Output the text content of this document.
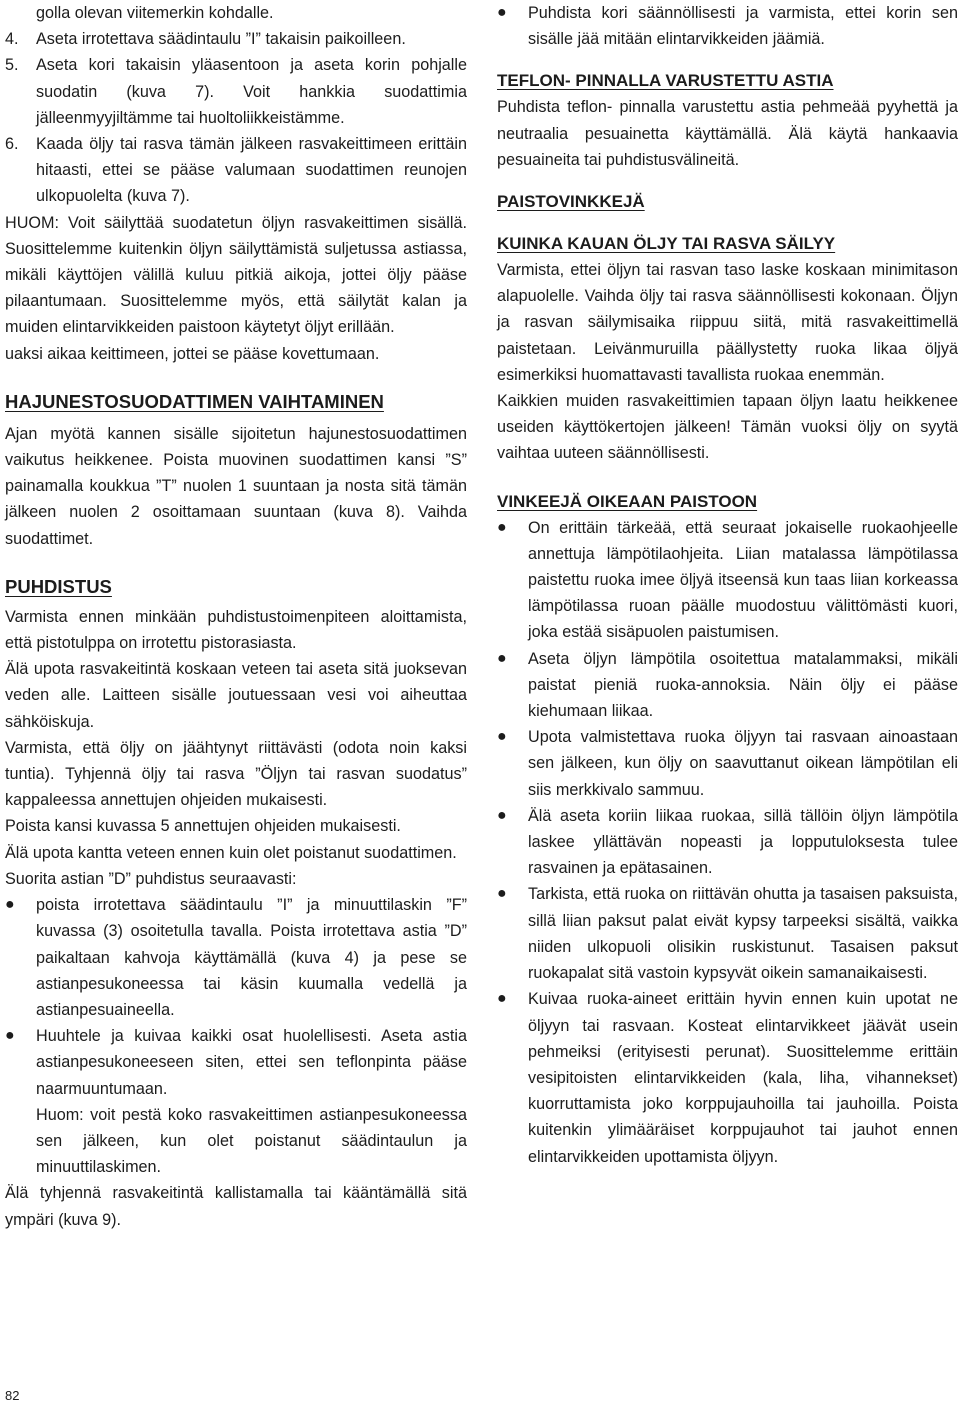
golla olevan viitemerkin kohdalle.

4. Aseta irrotettava säädintaulu ”I” takaisin paikoilleen.
5. Aseta kori takaisin yläasentoon ja aseta korin pohjalle suodatin (kuva 7). Voit hankkia suodattimia jälleenmyyjiltämme tai huoltoliikkeistämme.
6. Kaada öljy tai rasva tämän jälkeen rasvakeittimeen erittäin hitaasti, ettei se pääse valumaan suodattimen reunojen ulkopuolelta (kuva 7).

HUOM: Voit säilyttää suodatetun öljyn rasvakeittimen sisällä. Suosittelemme kuitenkin öljyn säilyttämistä suljetussa astiassa, mikäli käyttöjen välillä kuluu pitkiä aikoja, jottei öljy pääse pilaantumaan. Suosittelemme myös, että säilytät kalan ja muiden elintarvikkeiden paistoon käytetyt öljyt erillään.

uaksi aikaa keittimeen, jottei se pääse kovettumaan.

HAJUNESTOSUODATTIMEN VAIHTAMINEN

Ajan myötä kannen sisälle sijoitetun hajunestosuodattimen vaikutus heikkenee. Poista muovinen suodattimen kansi ”S” painamalla koukkua ”T” nuolen 1 suuntaan ja nosta sitä tämän jälkeen nuolen 2 osoittamaan suuntaan (kuva 8). Vaihda suodattimet.

PUHDISTUS

Varmista ennen minkään puhdistustoimenpiteen aloittamista, että pistotulppa on irrotettu pistorasiasta.

Älä upota rasvakeitintä koskaan veteen tai aseta sitä juoksevan veden alle. Laitteen sisälle joutuessaan vesi voi aiheuttaa sähköiskuja.

Varmista, että öljy on jäähtynyt riittävästi (odota noin kaksi tuntia). Tyhjennä öljy tai rasva ”Öljyn tai rasvan suodatus” kappaleessa annettujen ohjeiden mukaisesti.

Poista kansi kuvassa 5 annettujen ohjeiden mukaisesti.

Älä upota kantta veteen ennen kuin olet poistanut suodattimen.

Suorita astian ”D” puhdistus seuraavasti:

● poista irrotettava säädintaulu ”I” ja minuuttilaskin ”F” kuvassa (3) osoitetulla tavalla. Poista irrotettava astia ”D” paikaltaan kahvoja käyttämällä (kuva 4) ja pese se astianpesukoneessa tai käsin kuumalla vedellä ja astianpesuaineella.
● Huuhtele ja kuivaa kaikki osat huolellisesti. Aseta astia astianpesukoneeseen siten, ettei sen teflonpinta pääse naarmuuntumaan.

Huom: voit pestä koko rasvakeittimen astianpesukoneessa sen jälkeen, kun olet poistanut säädintaulun ja minuuttilaskimen.

Älä tyhjennä rasvakeitintä kallistamalla tai kääntämällä sitä ympäri (kuva 9).

● Puhdista kori säännöllisesti ja varmista, ettei korin sen sisälle jää mitään elintarvikkeiden jäämiä.
TEFLON- PINNALLA VARUSTETTU ASTIA

Puhdista teflon- pinnalla varustettu astia pehmeää pyyhettä ja neutraalia pesuainetta käyttämällä. Älä käytä hankaavia pesuaineita tai puhdistusvälineitä.

PAISTOVINKKEJÄ
KUINKA KAUAN ÖLJY TAI RASVA SÄILYY

Varmista, ettei öljyn tai rasvan taso laske koskaan minimitason alapuolelle. Vaihda öljy tai rasva säännöllisesti kokonaan. Öljyn ja rasvan säilymisaika riippuu siitä, mitä rasvakeittimellä paistetaan. Leivänmuruilla päällystetty ruoka likaa öljyä esimerkiksi huomattavasti tavallista ruokaa enemmän.

Kaikkien muiden rasvakeittimien tapaan öljyn laatu heikkenee useiden käyttökertojen jälkeen! Tämän vuoksi öljy on syytä vaihtaa uuteen säännöllisesti.

VINKEEJÄ OIKEAAN PAISTOON
● On erittäin tärkeää, että seuraat jokaiselle ruokaohjeelle annettuja lämpötilaohjeita. Liian matalassa lämpötilassa paistettu ruoka imee öljyä itseensä kun taas liian korkeassa lämpötilassa ruoan päälle muodostuu välittömästi kuori, joka estää sisäpuolen paistumisen.
● Aseta öljyn lämpötila osoitettua matalammaksi, mikäli paistat pieniä ruoka-annoksia. Näin öljy ei pääse kiehumaan liikaa.
● Upota valmistettava ruoka öljyyn tai rasvaan ainoastaan sen jälkeen, kun öljy on saavuttanut oikean lämpötilan eli siis merkkivalo sammuu.
● Älä aseta koriin liikaa ruokaa, sillä tällöin öljyn lämpötila laskee yllättävän nopeasti ja lopputuloksesta tulee rasvainen ja epätasainen.
● Tarkista, että ruoka on riittävän ohutta ja tasaisen paksuista, sillä liian paksut palat eivät kypsy tarpeeksi sisältä, vaikka niiden ulkopuoli olisikin ruskistunut. Tasaisen paksut ruokapalat sitä vastoin kypsyvät oikein samanaikaisesti.
● Kuivaa ruoka-aineet erittäin hyvin ennen kuin upotat ne öljyyn tai rasvaan. Kosteat elintarvikkeet jäävät usein pehmeiksi (erityisesti perunat). Suosittelemme erittäin vesipitoisten elintarvikkeiden (kala, liha, vihannekset) kuorruttamista joko korppujauhoilla tai jauhoilla. Poista kuitenkin ylimääräiset korppujauhot tai jauhot ennen elintarvikkeiden upottamista öljyyn.
82
